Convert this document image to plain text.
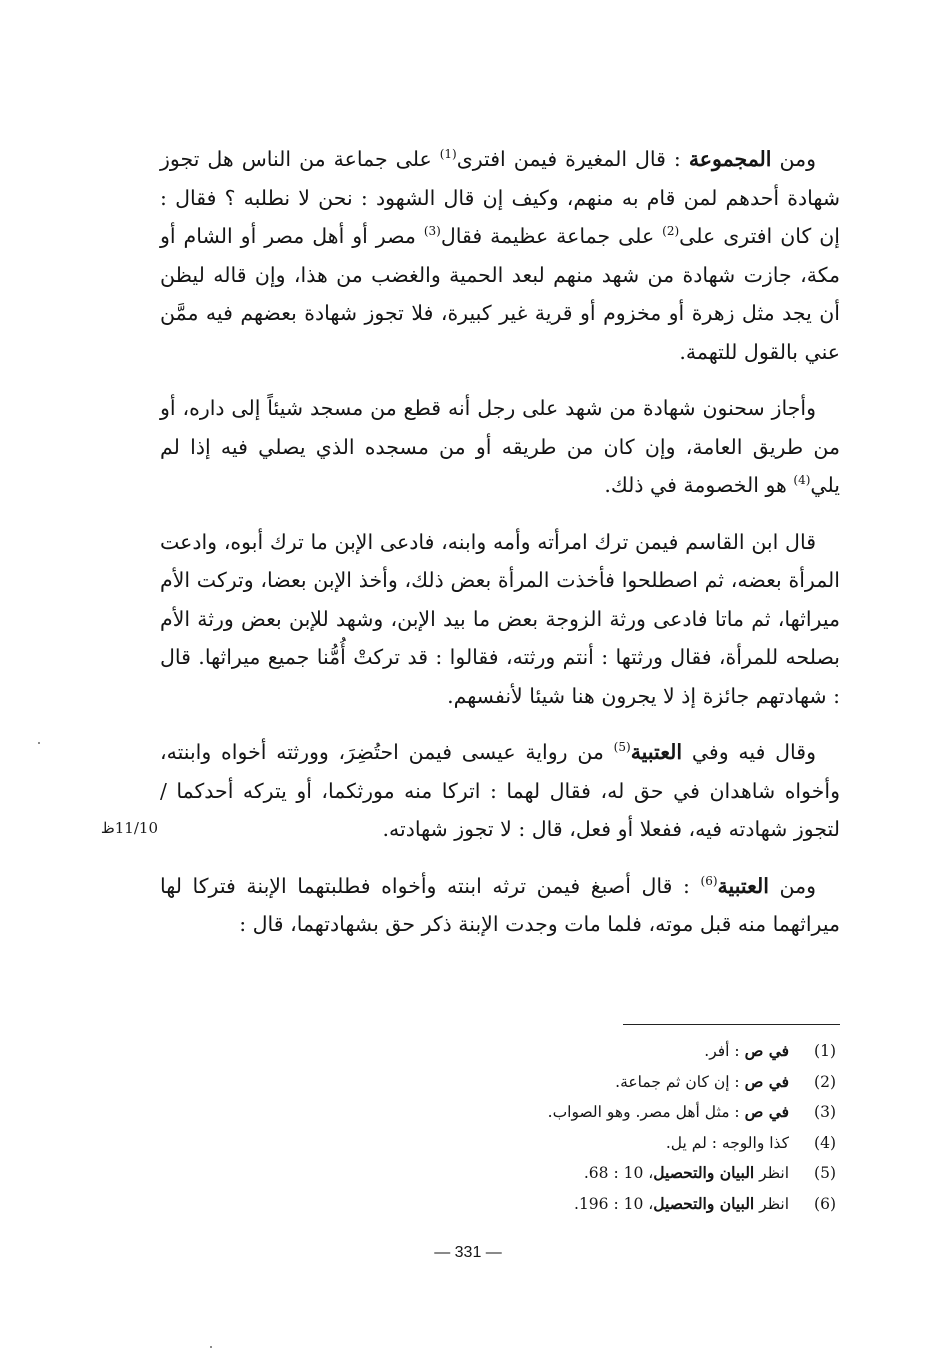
ومن المجموعة : قال المغيرة فيمن افترى$^{(1)}$ على جماعة من الناس هل تجوز شهادة أحدهم لمن قام به منهم، وكيف إن قال الشهود : نحن لا نطلبه ؟ فقال : إن كان افترى على$^{(2)}$ على جماعة عظيمة فقال$^{(3)}$ مصر أو أهل مصر أو الشام أو مكة، جازت شهادة من شهد منهم لبعد الحمية والغضب من هذا، وإن قاله ليظن أن يجد مثل زهرة أو مخزوم أو قرية غير كبيرة، فلا تجوز شهادة بعضهم فيه ممَّن عني بالقول للتهمة.

وأجاز سحنون شهادة من شهد على رجل أنه قطع من مسجد شيئاً إلى داره، أو من طريق العامة، وإن كان من طريقه أو من مسجده الذي يصلي فيه إذا لم يلي$^{(4)}$ هو الخصومة في ذلك.

قال ابن القاسم فيمن ترك امرأته وأمه وابنه، فادعى الإبن ما ترك أبوه، وادعت المرأة بعضه، ثم اصطلحوا فأخذت المرأة بعض ذلك، وأخذ الإبن بعضا، وتركت الأم ميراثها، ثم ماتا فادعى ورثة الزوجة بعض ما بيد الإبن، وشهد للإبن بعض ورثة الأم بصلحه للمرأة، فقال ورثتها : أنتم ورثته، فقالوا : قد تركتْ أُمُّنا جميع ميراثها. قال : شهادتهم جائزة إذ لا يجرون هنا شيئا لأنفسهم.

وقال فيه وفي العتبية$^{(5)}$ من رواية عيسى فيمن احتُضِرَ، وورثته أخواه وابنته، وأخواه شاهدان في حق له، فقال لهما : اتركا منه مورثكما، أو يتركه أحدكما / لتجوز شهادته فيه، ففعلا أو فعل، قال : لا تجوز شهادته.

ومن العتبية$^{(6)}$ : قال أصبغ فيمن ترثه ابنته وأخواه فطلبتهما الإبنة فتركا لها ميراثهما منه قبل موته، فلما مات وجدت الإبنة ذكر حق بشهادتهما، قال :

11/10ظ
(1) في ص : أفر.
(2) في ص : إن كان ثم جماعة.
(3) في ص : مثل أهل مصر. وهو الصواب.
(4) كذا والوجه : لم يل.
(5) انظر البيان والتحصيل، 10 : 68.
(6) انظر البيان والتحصيل، 10 : 196.
— 331 —
